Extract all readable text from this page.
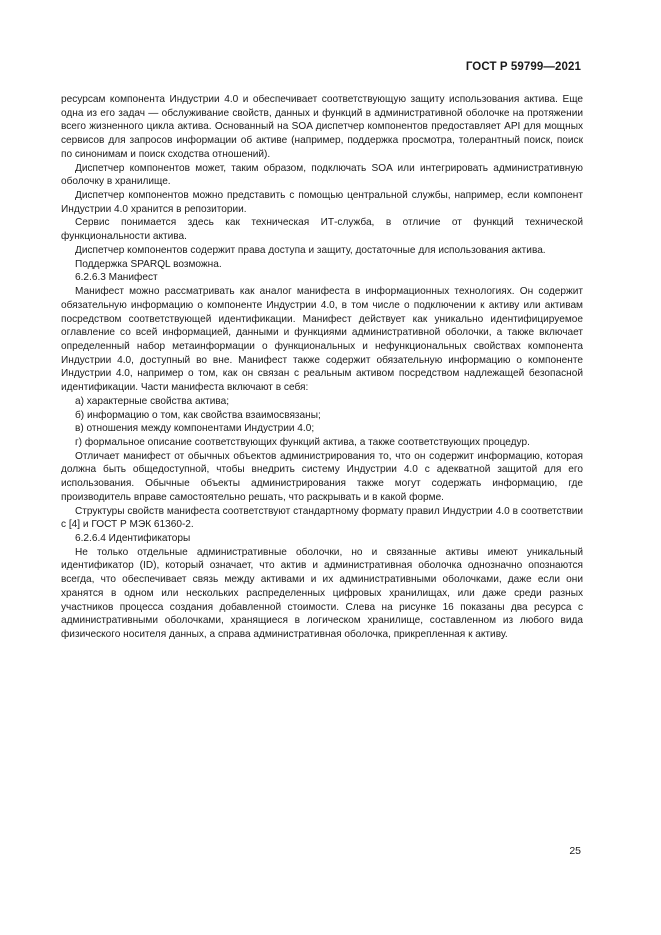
ГОСТ Р 59799—2021

ресурсам компонента Индустрии 4.0 и обеспечивает соответствующую защиту использования актива. Еще одна из его задач — обслуживание свойств, данных и функций в административной оболочке на протяжении всего жизненного цикла актива. Основанный на SOA диспетчер компонентов предоставляет API для мощных сервисов для запросов информации об активе (например, поддержка просмотра, толерантный поиск, поиск по синонимам и поиск сходства отношений).

Диспетчер компонентов может, таким образом, подключать SOA или интегрировать административную оболочку в хранилище.

Диспетчер компонентов можно представить с помощью центральной службы, например, если компонент Индустрии 4.0 хранится в репозитории.

Сервис понимается здесь как техническая ИТ-служба, в отличие от функций технической функциональности актива.

Диспетчер компонентов содержит права доступа и защиту, достаточные для использования актива.

Поддержка SPARQL возможна.

6.2.6.3 Манифест

Манифест можно рассматривать как аналог манифеста в информационных технологиях. Он содержит обязательную информацию о компоненте Индустрии 4.0, в том числе о подключении к активу или активам посредством соответствующей идентификации. Манифест действует как уникально идентифицируемое оглавление со всей информацией, данными и функциями административной оболочки, а также включает определенный набор метаинформации о функциональных и нефункциональных свойствах компонента Индустрии 4.0, доступный во вне. Манифест также содержит обязательную информацию о компоненте Индустрии 4.0, например о том, как он связан с реальным активом посредством надлежащей безопасной идентификации. Части манифеста включают в себя:

а) характерные свойства актива;

б) информацию о том, как свойства взаимосвязаны;

в) отношения между компонентами Индустрии 4.0;

г) формальное описание соответствующих функций актива, а также соответствующих процедур.

Отличает манифест от обычных объектов администрирования то, что он содержит информацию, которая должна быть общедоступной, чтобы внедрить систему Индустрии 4.0 с адекватной защитой для его использования. Обычные объекты администрирования также могут содержать информацию, где производитель вправе самостоятельно решать, что раскрывать и в какой форме.

Структуры свойств манифеста соответствуют стандартному формату правил Индустрии 4.0 в соответствии с [4] и ГОСТ Р МЭК 61360-2.

6.2.6.4 Идентификаторы

Не только отдельные административные оболочки, но и связанные активы имеют уникальный идентификатор (ID), который означает, что актив и административная оболочка однозначно опознаются всегда, что обеспечивает связь между активами и их административными оболочками, даже если они хранятся в одном или нескольких распределенных цифровых хранилищах, или даже среди разных участников процесса создания добавленной стоимости. Слева на рисунке 16 показаны два ресурса с административными оболочками, хранящиеся в логическом хранилище, составленном из любого вида физического носителя данных, а справа административная оболочка, прикрепленная к активу.

25
